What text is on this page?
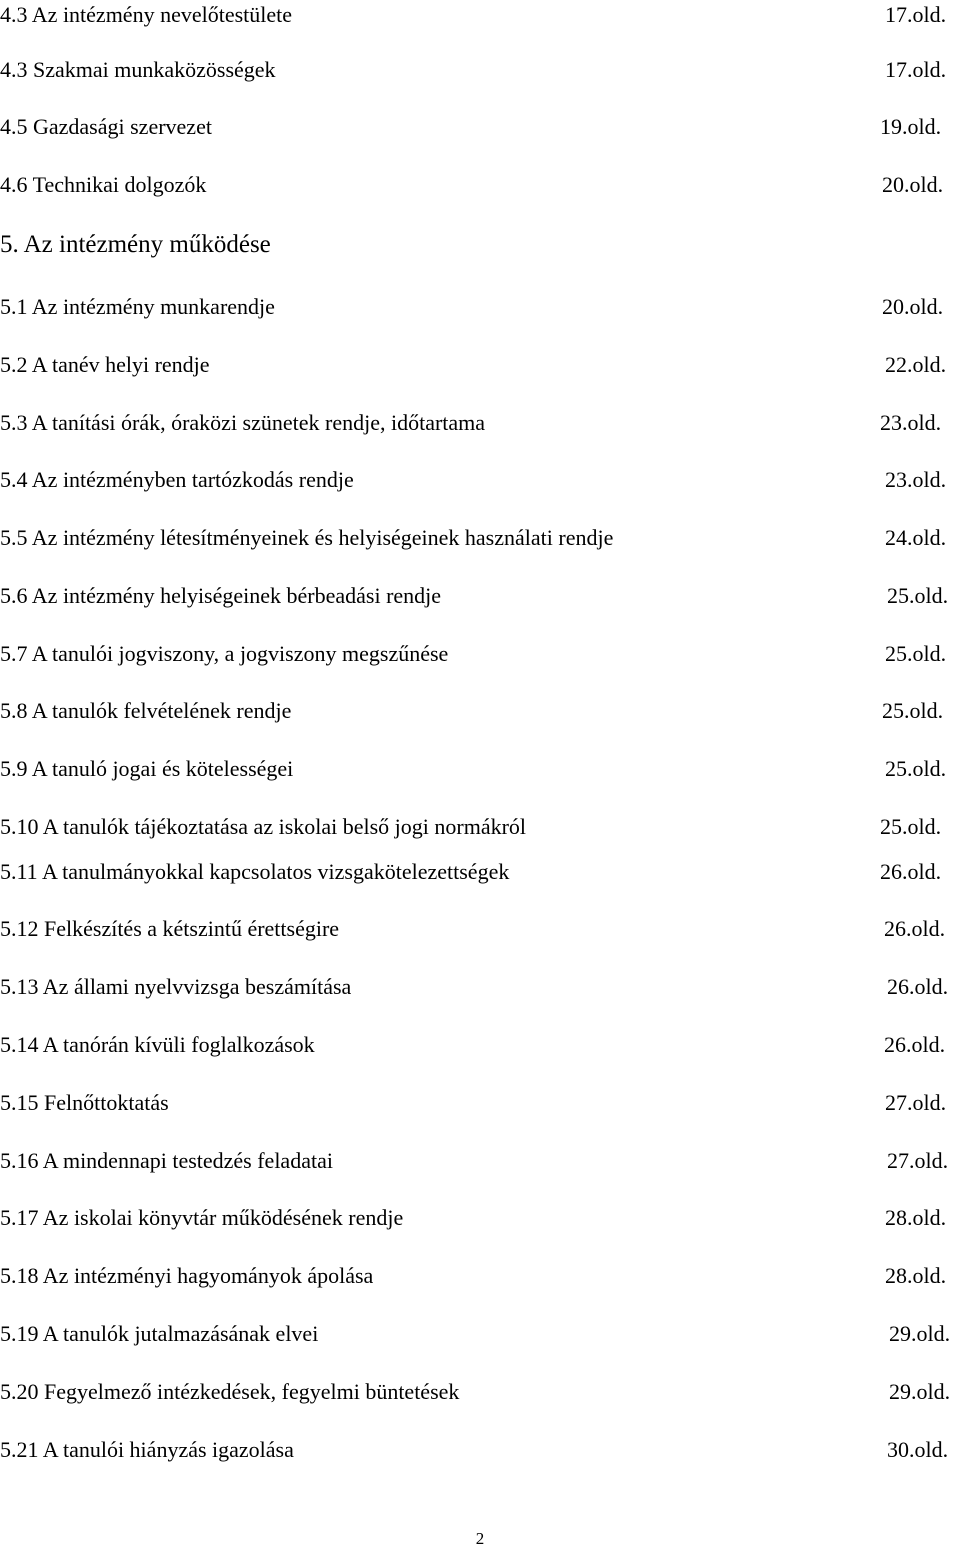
4.3 Az intézmény nevelőtestülete	17.old.
4.3 Szakmai munkaközösségek	17.old.
4.5 Gazdasági szervezet	19.old.
4.6 Technikai dolgozók	20.old.
5. Az intézmény működése
5.1 Az intézmény munkarendje	20.old.
5.2 A tanév helyi rendje	22.old.
5.3 A tanítási órák, óraközi szünetek rendje, időtartama	23.old.
5.4 Az intézményben tartózkodás rendje	23.old.
5.5 Az intézmény létesítményeinek és helyiségeinek használati rendje	24.old.
5.6 Az intézmény helyiségeinek bérbeadási rendje	25.old.
5.7 A tanulói jogviszony, a jogviszony megszűnése	25.old.
5.8 A tanulók felvételének rendje	25.old.
5.9 A tanuló jogai és kötelességei	25.old.
5.10 A tanulók tájékoztatása az iskolai belső jogi normákról	25.old.
5.11 A tanulmányokkal kapcsolatos vizsgakötelezettségek	26.old.
5.12 Felkészítés a kétszintű érettségire	26.old.
5.13 Az állami nyelvvizsga beszámítása	26.old.
5.14 A tanórán kívüli foglalkozások	26.old.
5.15 Felnőttoktatás	27.old.
5.16 A mindennapi testedzés feladatai	27.old.
5.17 Az iskolai könyvtár működésének rendje	28.old.
5.18 Az intézményi hagyományok ápolása	28.old.
5.19 A tanulók jutalmazásának elvei	29.old.
5.20 Fegyelmező intézkedések, fegyelmi büntetések	29.old.
5.21 A tanulói hiányzás igazolása	30.old.
2
